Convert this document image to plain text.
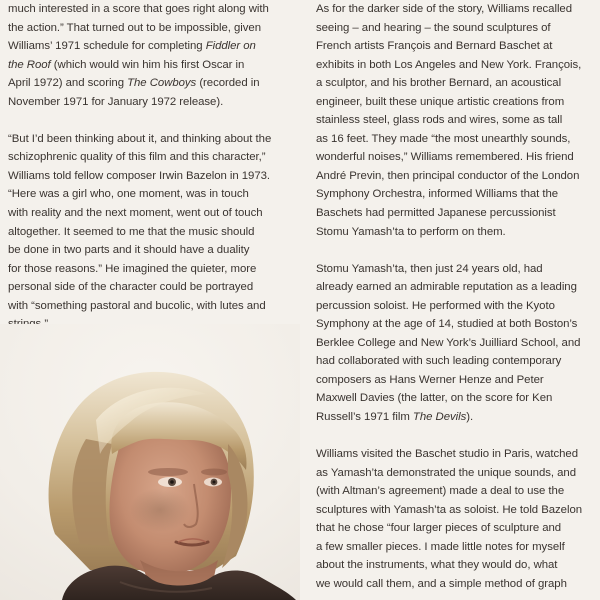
much interested in a score that goes right along with
the action.” That turned out to be impossible, given
Williams’ 1971 schedule for completing Fiddler on
the Roof (which would win him his first Oscar in
April 1972) and scoring The Cowboys (recorded in
November 1971 for January 1972 release).

“But I’d been thinking about it, and thinking about the
schizophrenic quality of this film and this character,”
Williams told fellow composer Irwin Bazelon in 1973.
“Here was a girl who, one moment, was in touch
with reality and the next moment, went out of touch
altogether. It seemed to me that the music should
be done in two parts and it should have a duality
for those reasons.” He imagined the quieter, more
personal side of the character could be portrayed
with “something pastoral and bucolic, with lutes and

As for the darker side of the story, Williams recalled
seeing – and hearing – the sound sculptures of
French artists François and Bernard Baschet at
exhibits in both Los Angeles and New York. François,
a sculptor, and his brother Bernard, an acoustical
engineer, built these unique artistic creations from
stainless steel, glass rods and wires, some as tall
as 16 feet. They made “the most unearthly sounds,
wonderful noises,” Williams remembered. His friend
André Previn, then principal conductor of the London
Symphony Orchestra, informed Williams that the
Baschets had permitted Japanese percussionist
Stomu Yamash’ta to perform on them.

Stomu Yamash’ta, then just 24 years old, had
already earned an admirable reputation as a leading
percussion soloist. He performed with the Kyoto
Symphony at the age of 14, studied at both Boston’s
Berklee College and New York’s Juilliard School, and
had collaborated with such leading contemporary
composers as Hans Werner Henze and Peter
Maxwell Davies (the latter, on the score for Ken
Russell’s 1971 film The Devils).

Williams visited the Baschet studio in Paris, watched
as Yamash’ta demonstrated the unique sounds, and
(with Altman’s agreement) made a deal to use the
sculptures with Yamash’ta as soloist. He told Bazelon
that he chose “four larger pieces of sculpture and
a few smaller pieces. I made little notes for myself
about the instruments, what they would do, what
we would call them, and a simple method of graph
